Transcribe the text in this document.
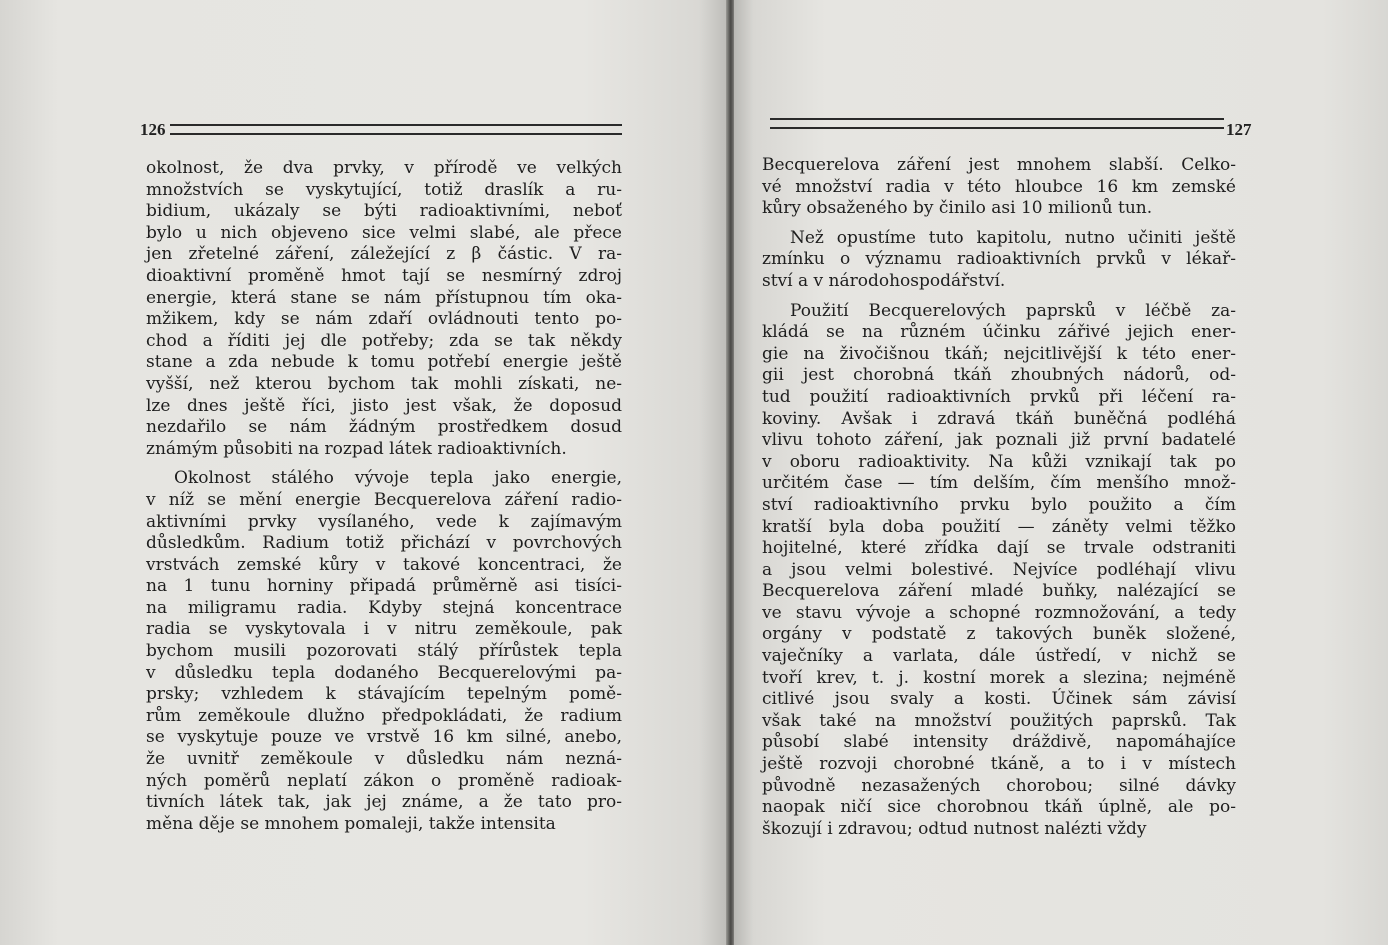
126
okolnost, že dva prvky, v přírodě ve velkých
množstvích se vyskytující, totiž draslík a ru-
bidium, ukázaly se býti radioaktivními, neboť
bylo u nich objeveno sice velmi slabé, ale přece
jen zřetelné záření, záležející z β částic. V ra-
dioaktivní proměně hmot tají se nesmírný zdroj
energie, která stane se nám přístupnou tím oka-
mžikem, kdy se nám zdaří ovládnouti tento po-
chod a říditi jej dle potřeby; zda se tak někdy
stane a zda nebude k tomu potřebí energie ještě
vyšší, než kterou bychom tak mohli získati, ne-
lze dnes ještě říci, jisto jest však, že doposud
nezdařilo se nám žádným prostředkem dosud
známým působiti na rozpad látek radioaktivních.
Okolnost stálého vývoje tepla jako energie,
v níž se mění energie Becquerelova záření radio-
aktivními prvky vysílaného, vede k zajímavým
důsledkům. Radium totiž přichází v povrchových
vrstvách zemské kůry v takové koncentraci, že
na 1 tunu horniny připadá průměrně asi tisíci-
na miligramu radia. Kdyby stejná koncentrace
radia se vyskytovala i v nitru zeměkoule, pak
bychom musili pozorovati stálý přírůstek tepla
v důsledku tepla dodaného Becquerelovými pa-
prsky; vzhledem k stávajícím tepelným pomě-
rům zeměkoule dlužno předpokládati, že radium
se vyskytuje pouze ve vrstvě 16 km silné, anebo,
že uvnitř zeměkoule v důsledku nám nezná-
ných poměrů neplatí zákon o proměně radioak-
tivních látek tak, jak jej známe, a že tato pro-
měna děje se mnohem pomaleji, takže intensita
127
Becquerelova záření jest mnohem slabší. Celko-
vé množství radia v této hloubce 16 km zemské
kůry obsaženého by činilo asi 10 milionů tun.
Než opustíme tuto kapitolu, nutno učiniti ještě
zmínku o významu radioaktivních prvků v lékař-
ství a v národohospodářství.
Použití Becquerelových paprsků v léčbě za-
kládá se na různém účinku zářivé jejich ener-
gie na živočišnou tkáň; nejcitlivější k této ener-
gii jest chorobná tkáň zhoubných nádorů, od-
tud použití radioaktivních prvků při léčení ra-
koviny. Avšak i zdravá tkáň buněčná podléhá
vlivu tohoto záření, jak poznali již první badatelé
v oboru radioaktivity. Na kůži vznikají tak po
určitém čase — tím delším, čím menšího množ-
ství radioaktivního prvku bylo použito a čím
kratší byla doba použití — záněty velmi těžko
hojitelné, které zřídka dají se trvale odstraniti
a jsou velmi bolestivé. Nejvíce podléhají vlivu
Becquerelova záření mladé buňky, nalézající se
ve stavu vývoje a schopné rozmnožování, a tedy
orgány v podstatě z takových buněk složené,
vaječníky a varlata, dále ústředí, v nichž se
tvoří krev, t. j. kostní morek a slezina; nejméně
citlivé jsou svaly a kosti. Účinek sám závisí
však také na množství použitých paprsků. Tak
působí slabé intensity dráždivě, napomáhajíce
ještě rozvoji chorobné tkáně, a to i v místech
původně nezasažených chorobou; silné dávky
naopak ničí sice chorobnou tkáň úplně, ale po-
škozují i zdravou; odtud nutnost nalézti vždy
